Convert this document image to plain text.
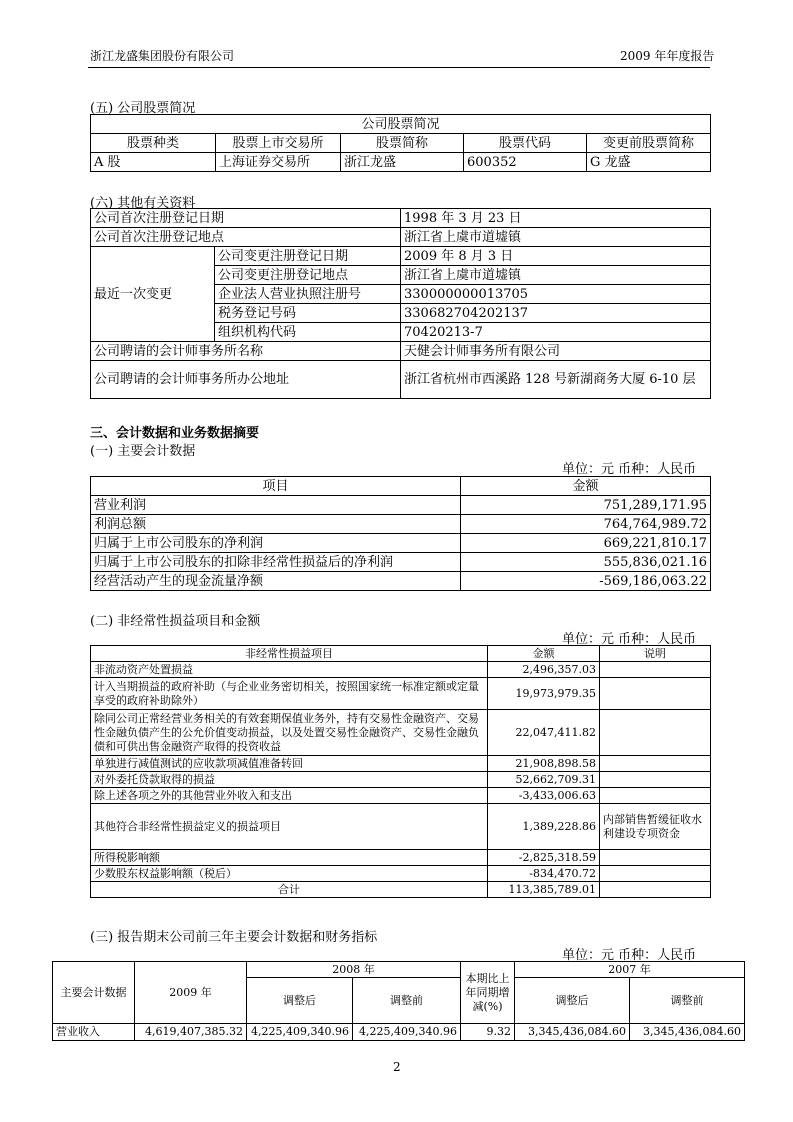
浙江龙盛集团股份有限公司	2009 年年度报告
(五) 公司股票简况
公司股票简况				
股票种类	股票上市交易所	股票简称	股票代码	变更前股票简称
A 股	上海证券交易所	浙江龙盛	600352	G 龙盛
(六) 其他有关资料
公司首次注册登记日期		1998 年 3 月 23 日
公司首次注册登记地点		浙江省上虞市道墟镇
最近一次变更	公司变更注册登记日期	2009 年 8 月 3 日
	公司变更注册登记地点	浙江省上虞市道墟镇
	企业法人营业执照注册号	330000000013705
	税务登记号码	330682704202137
	组织机构代码	70420213-7
公司聘请的会计师事务所名称		天健会计师事务所有限公司
公司聘请的会计师事务所办公地址		浙江省杭州市西溪路 128 号新湖商务大厦 6-10 层
三、会计数据和业务数据摘要
(一) 主要会计数据
单位：元 币种：人民币
项目	金额
营业利润	751,289,171.95
利润总额	764,764,989.72
归属于上市公司股东的净利润	669,221,810.17
归属于上市公司股东的扣除非经常性损益后的净利润	555,836,021.16
经营活动产生的现金流量净额	-569,186,063.22
(二) 非经常性损益项目和金额
单位：元 币种：人民币
非经常性损益项目	金额	说明
非流动资产处置损益	2,496,357.03	
计入当期损益的政府补助（与企业业务密切相关，按照国家统一标准定额或定量享受的政府补助除外）	19,973,979.35	
除同公司正常经营业务相关的有效套期保值业务外，持有交易性金融资产、交易性金融负债产生的公允价值变动损益，以及处置交易性金融资产、交易性金融负债和可供出售金融资产取得的投资收益	22,047,411.82	
单独进行减值测试的应收款项减值准备转回	21,908,898.58	
对外委托贷款取得的损益	52,662,709.31	
除上述各项之外的其他营业外收入和支出	-3,433,006.63	
其他符合非经常性损益定义的损益项目	1,389,228.86	内部销售暂缓征收水利建设专项资金
所得税影响额	-2,825,318.59	
少数股东权益影响额（税后）	-834,470.72	
合计	113,385,789.01	
(三) 报告期末公司前三年主要会计数据和财务指标
单位：元 币种：人民币
主要会计数据	2009 年	2008 年		本期比上年同期增减(%)	2007 年	
		调整后	调整前		调整后	调整前
营业收入	4,619,407,385.32	4,225,409,340.96	4,225,409,340.96	9.32	3,345,436,084.60	3,345,436,084.60
2
